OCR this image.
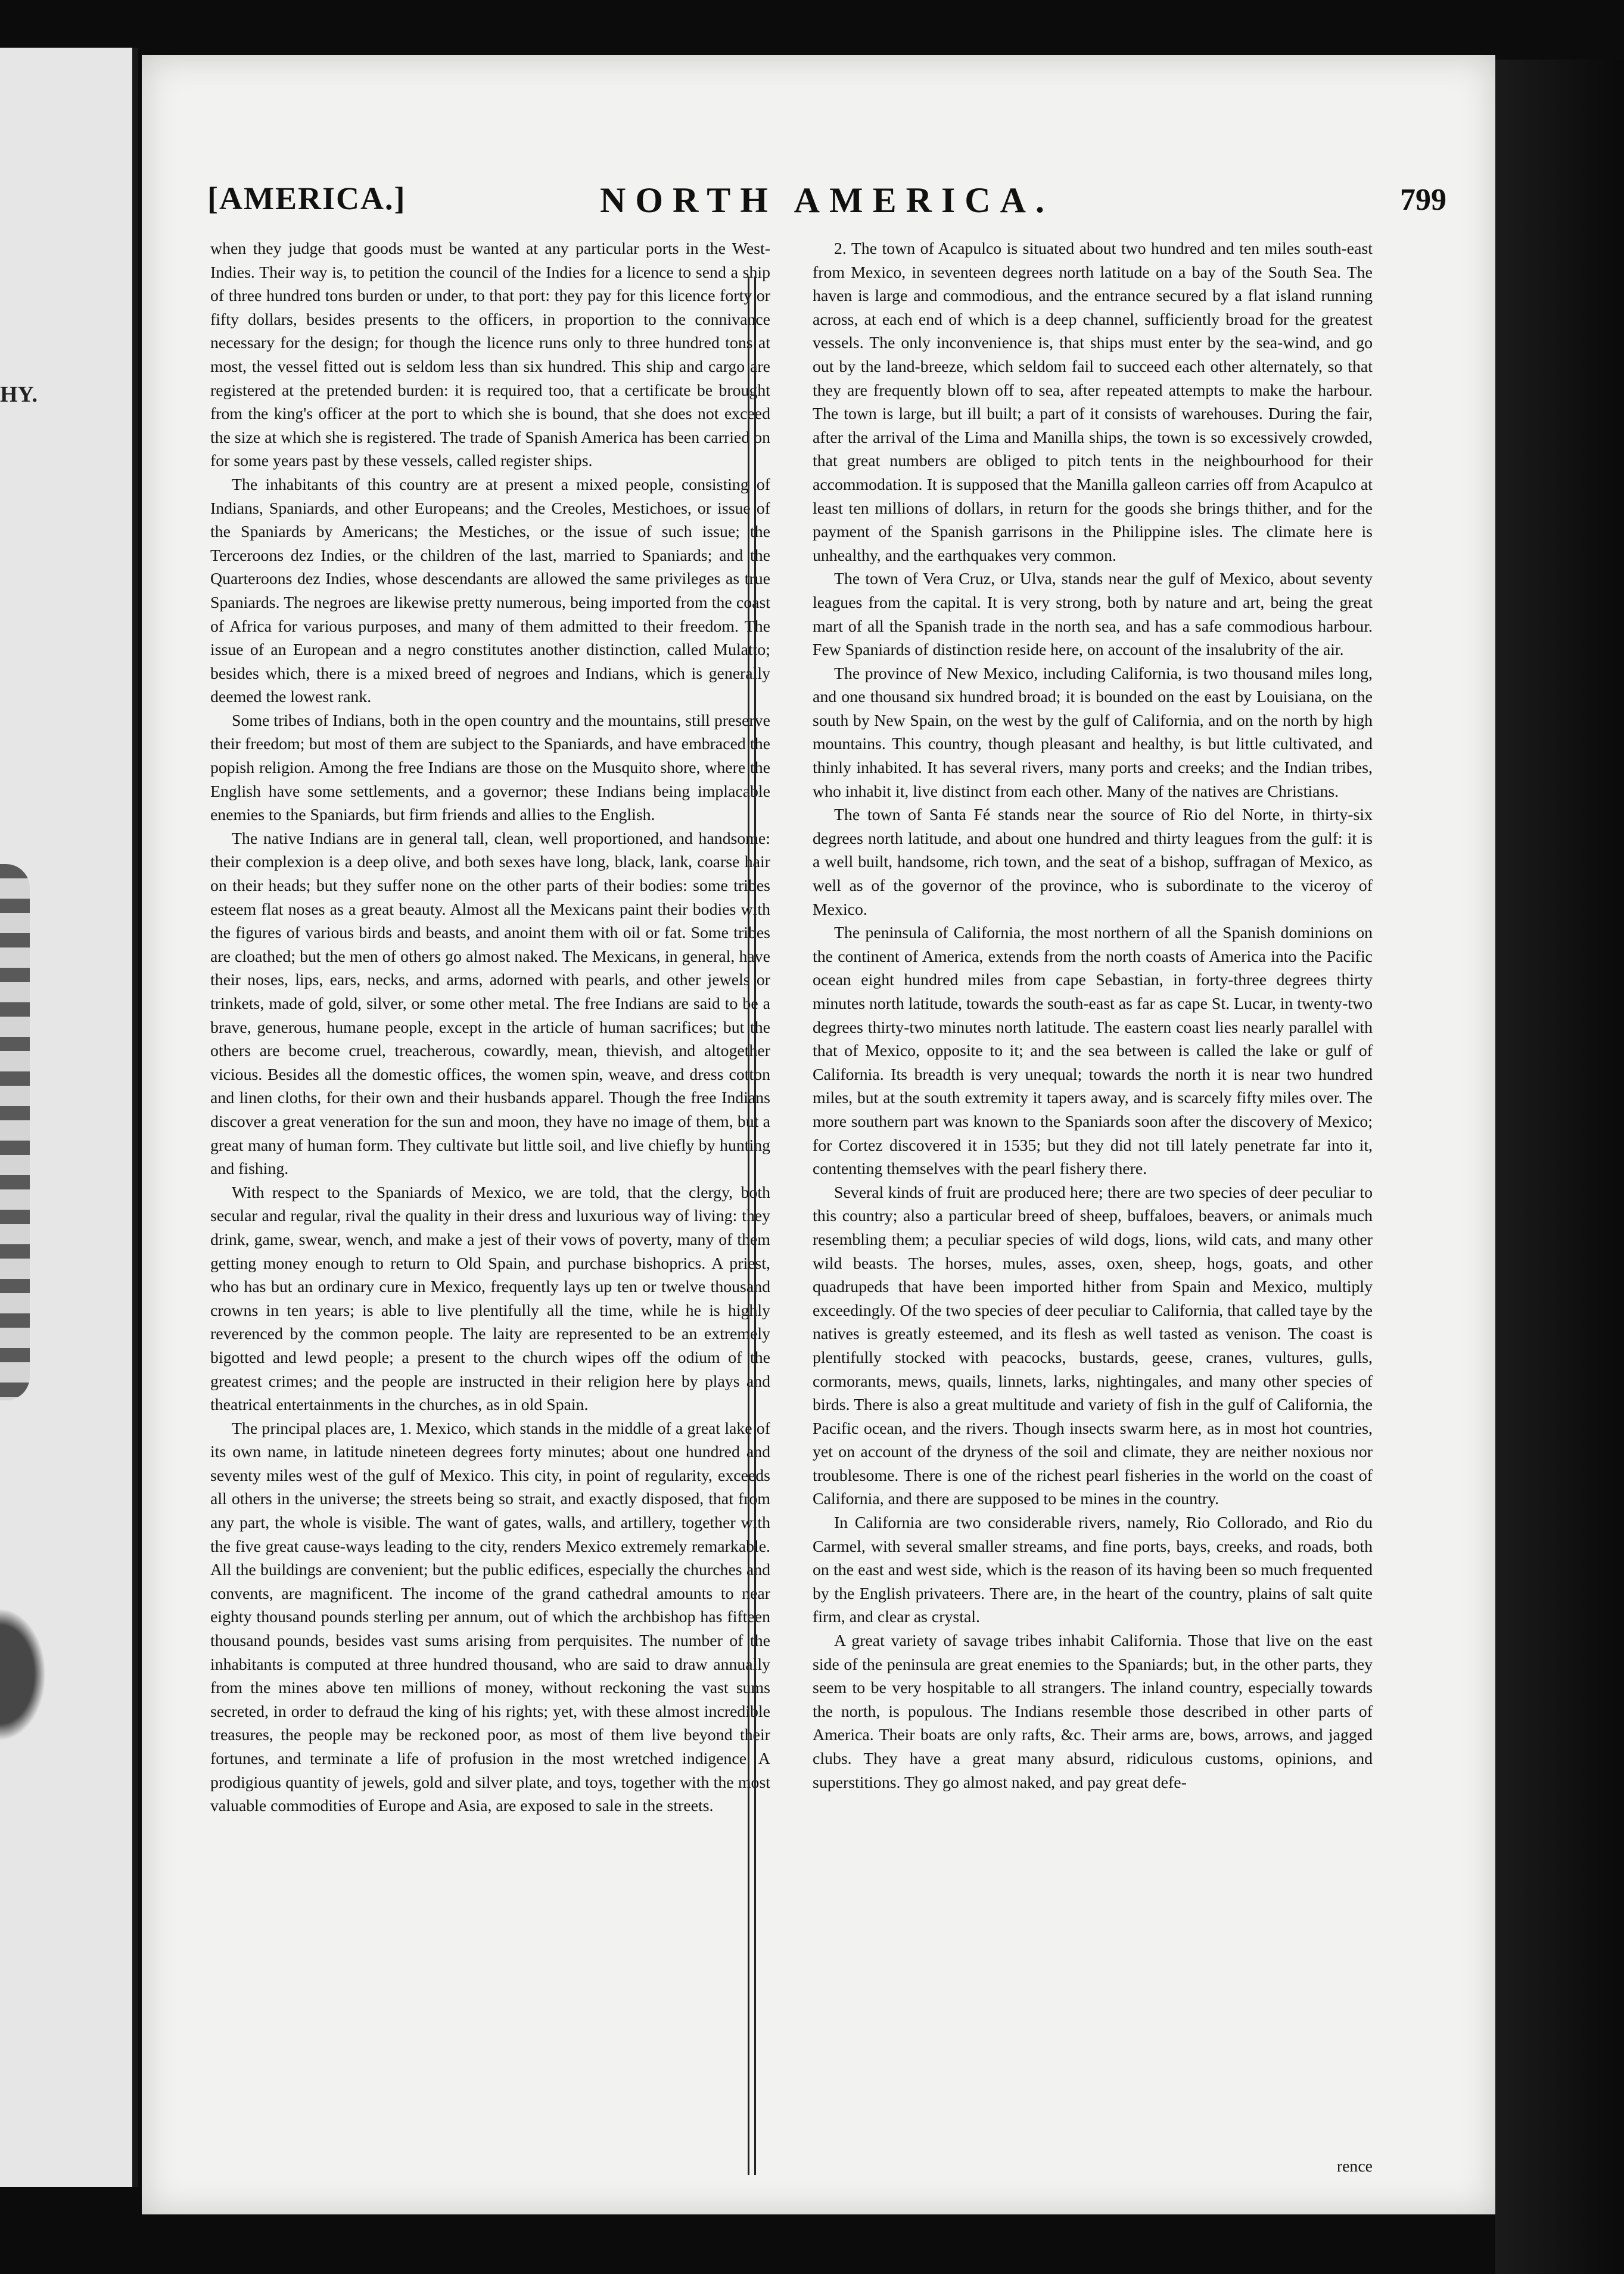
HY.
[AMERICA.]	NORTH AMERICA.	799

when they judge that goods must be wanted at any particular ports in the West-Indies. Their way is, to petition the council of the Indies for a licence to send a ship of three hundred tons burden or under, to that port: they pay for this licence forty or fifty dollars, besides presents to the officers, in proportion to the connivance necessary for the design; for though the licence runs only to three hundred tons at most, the vessel fitted out is seldom less than six hundred. This ship and cargo are registered at the pretended burden: it is required too, that a certificate be brought from the king's officer at the port to which she is bound, that she does not exceed the size at which she is registered. The trade of Spanish America has been carried on for some years past by these vessels, called register ships.

The inhabitants of this country are at present a mixed people, consisting of Indians, Spaniards, and other Europeans; and the Creoles, Mestichoes, or issue of the Spaniards by Americans; the Mestiches, or the issue of such issue; the Terceroons dez Indies, or the children of the last, married to Spaniards; and the Quarteroons dez Indies, whose descendants are allowed the same privileges as true Spaniards. The negroes are likewise pretty numerous, being imported from the coast of Africa for various purposes, and many of them admitted to their freedom. The issue of an European and a negro constitutes another distinction, called Mulatto; besides which, there is a mixed breed of negroes and Indians, which is generally deemed the lowest rank.

Some tribes of Indians, both in the open country and the mountains, still preserve their freedom; but most of them are subject to the Spaniards, and have embraced the popish religion. Among the free Indians are those on the Musquito shore, where the English have some settlements, and a governor; these Indians being implacable enemies to the Spaniards, but firm friends and allies to the English.

The native Indians are in general tall, clean, well proportioned, and handsome: their complexion is a deep olive, and both sexes have long, black, lank, coarse hair on their heads; but they suffer none on the other parts of their bodies: some tribes esteem flat noses as a great beauty. Almost all the Mexicans paint their bodies with the figures of various birds and beasts, and anoint them with oil or fat. Some tribes are cloathed; but the men of others go almost naked. The Mexicans, in general, have their noses, lips, ears, necks, and arms, adorned with pearls, and other jewels or trinkets, made of gold, silver, or some other metal. The free Indians are said to be a brave, generous, humane people, except in the article of human sacrifices; but the others are become cruel, treacherous, cowardly, mean, thievish, and altogether vicious. Besides all the domestic offices, the women spin, weave, and dress cotton and linen cloths, for their own and their husbands apparel. Though the free Indians discover a great veneration for the sun and moon, they have no image of them, but a great many of human form. They cultivate but little soil, and live chiefly by hunting and fishing.

With respect to the Spaniards of Mexico, we are told, that the clergy, both secular and regular, rival the quality in their dress and luxurious way of living: they drink, game, swear, wench, and make a jest of their vows of poverty, many of them getting money enough to return to Old Spain, and purchase bishoprics. A priest, who has but an ordinary cure in Mexico, frequently lays up ten or twelve thousand crowns in ten years; is able to live plentifully all the time, while he is highly reverenced by the common people. The laity are represented to be an extremely bigotted and lewd people; a present to the church wipes off the odium of the greatest crimes; and the people are instructed in their religion here by plays and theatrical entertainments in the churches, as in old Spain.

The principal places are, 1. Mexico, which stands in the middle of a great lake of its own name, in latitude nineteen degrees forty minutes; about one hundred and seventy miles west of the gulf of Mexico. This city, in point of regularity, exceeds all others in the universe; the streets being so strait, and exactly disposed, that from any part, the whole is visible. The want of gates, walls, and artillery, together with the five great cause-ways leading to the city, renders Mexico extremely remarkable. All the buildings are convenient; but the public edifices, especially the churches and convents, are magnificent. The income of the grand cathedral amounts to near eighty thousand pounds sterling per annum, out of which the archbishop has fifteen thousand pounds, besides vast sums arising from perquisites. The number of the inhabitants is computed at three hundred thousand, who are said to draw annually from the mines above ten millions of money, without reckoning the vast sums secreted, in order to defraud the king of his rights; yet, with these almost incredible treasures, the people may be reckoned poor, as most of them live beyond their fortunes, and terminate a life of profusion in the most wretched indigence. A prodigious quantity of jewels, gold and silver plate, and toys, together with the most valuable commodities of Europe and Asia, are exposed to sale in the streets.

2. The town of Acapulco is situated about two hundred and ten miles south-east from Mexico, in seventeen degrees north latitude on a bay of the South Sea. The haven is large and commodious, and the entrance secured by a flat island running across, at each end of which is a deep channel, sufficiently broad for the greatest vessels. The only inconvenience is, that ships must enter by the sea-wind, and go out by the land-breeze, which seldom fail to succeed each other alternately, so that they are frequently blown off to sea, after repeated attempts to make the harbour. The town is large, but ill built; a part of it consists of warehouses. During the fair, after the arrival of the Lima and Manilla ships, the town is so excessively crowded, that great numbers are obliged to pitch tents in the neighbourhood for their accommodation. It is supposed that the Manilla galleon carries off from Acapulco at least ten millions of dollars, in return for the goods she brings thither, and for the payment of the Spanish garrisons in the Philippine isles. The climate here is unhealthy, and the earthquakes very common.

The town of Vera Cruz, or Ulva, stands near the gulf of Mexico, about seventy leagues from the capital. It is very strong, both by nature and art, being the great mart of all the Spanish trade in the north sea, and has a safe commodious harbour. Few Spaniards of distinction reside here, on account of the insalubrity of the air.

The province of New Mexico, including California, is two thousand miles long, and one thousand six hundred broad; it is bounded on the east by Louisiana, on the south by New Spain, on the west by the gulf of California, and on the north by high mountains. This country, though pleasant and healthy, is but little cultivated, and thinly inhabited. It has several rivers, many ports and creeks; and the Indian tribes, who inhabit it, live distinct from each other. Many of the natives are Christians.

The town of Santa Fé stands near the source of Rio del Norte, in thirty-six degrees north latitude, and about one hundred and thirty leagues from the gulf: it is a well built, handsome, rich town, and the seat of a bishop, suffragan of Mexico, as well as of the governor of the province, who is subordinate to the viceroy of Mexico.

The peninsula of California, the most northern of all the Spanish dominions on the continent of America, extends from the north coasts of America into the Pacific ocean eight hundred miles from cape Sebastian, in forty-three degrees thirty minutes north latitude, towards the south-east as far as cape St. Lucar, in twenty-two degrees thirty-two minutes north latitude. The eastern coast lies nearly parallel with that of Mexico, opposite to it; and the sea between is called the lake or gulf of California. Its breadth is very unequal; towards the north it is near two hundred miles, but at the south extremity it tapers away, and is scarcely fifty miles over. The more southern part was known to the Spaniards soon after the discovery of Mexico; for Cortez discovered it in 1535; but they did not till lately penetrate far into it, contenting themselves with the pearl fishery there.

Several kinds of fruit are produced here; there are two species of deer peculiar to this country; also a particular breed of sheep, buffaloes, beavers, or animals much resembling them; a peculiar species of wild dogs, lions, wild cats, and many other wild beasts. The horses, mules, asses, oxen, sheep, hogs, goats, and other quadrupeds that have been imported hither from Spain and Mexico, multiply exceedingly. Of the two species of deer peculiar to California, that called taye by the natives is greatly esteemed, and its flesh as well tasted as venison. The coast is plentifully stocked with peacocks, bustards, geese, cranes, vultures, gulls, cormorants, mews, quails, linnets, larks, nightingales, and many other species of birds. There is also a great multitude and variety of fish in the gulf of California, the Pacific ocean, and the rivers. Though insects swarm here, as in most hot countries, yet on account of the dryness of the soil and climate, they are neither noxious nor troublesome. There is one of the richest pearl fisheries in the world on the coast of California, and there are supposed to be mines in the country.

In California are two considerable rivers, namely, Rio Collorado, and Rio du Carmel, with several smaller streams, and fine ports, bays, creeks, and roads, both on the east and west side, which is the reason of its having been so much frequented by the English privateers. There are, in the heart of the country, plains of salt quite firm, and clear as crystal.

A great variety of savage tribes inhabit California. Those that live on the east side of the peninsula are great enemies to the Spaniards; but, in the other parts, they seem to be very hospitable to all strangers. The inland country, especially towards the north, is populous. The Indians resemble those described in other parts of America. Their boats are only rafts, &c. Their arms are, bows, arrows, and jagged clubs. They have a great many absurd, ridiculous customs, opinions, and superstitions. They go almost naked, and pay great defe-

rence
